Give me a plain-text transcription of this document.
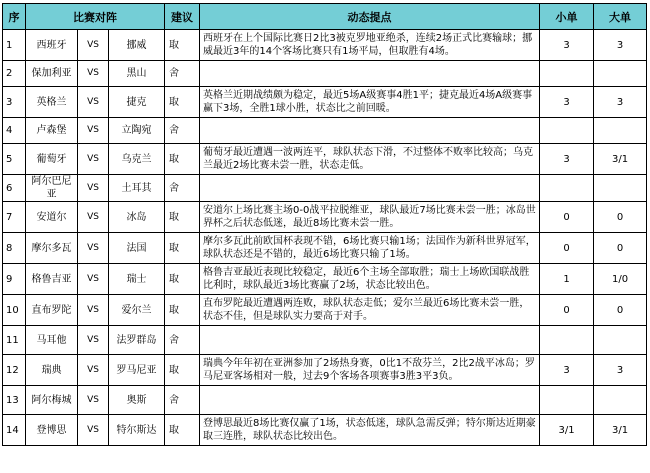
序	比赛对阵			建议	动态提点	小单	大单
1	西班牙	VS	挪威	取	西班牙在上个国际比赛日2比3被克罗地亚绝杀，连续2场正式比赛输球；挪威最近3年的14个客场比赛只有1场平局，但取胜有4场。	3	3
2	保加利亚	VS	黑山	舍			
3	英格兰	VS	捷克	取	英格兰近期战绩颇为稳定，最近5场A级赛事4胜1平；捷克最近4场A级赛事赢下3场，全胜1球小胜，状态比之前回暖。	3	3
4	卢森堡	VS	立陶宛	舍			
5	葡萄牙	VS	乌克兰	取	葡萄牙最近遭遇一波两连平，球队状态下滑，不过整体不败率比较高；乌克兰最近2场比赛未尝一胜，状态走低。	3	3/1
6	阿尔巴尼亚	VS	土耳其	舍			
7	安道尔	VS	冰岛	取	安道尔上场比赛主场0-0战平拉脱维亚，球队最近7场比赛未尝一胜；冰岛世界杯之后状态低迷，最近8场比赛未尝一胜。	0	0
8	摩尔多瓦	VS	法国	取	摩尔多瓦此前欧国杯表现不错，6场比赛只输1场；法国作为新科世界冠军，球队状态还是不错的，最近6场比赛只输了1场。	0	0
9	格鲁吉亚	VS	瑞士	取	格鲁吉亚最近表现比较稳定，最近6个主场全部取胜；瑞士上场欧国联战胜比利时，球队最近3场比赛赢了2场，状态比较出色。	1	1/0
10	直布罗陀	VS	爱尔兰	取	直布罗陀最近遭遇两连败，球队状态走低；爱尔兰最近6场比赛未尝一胜，状态不佳，但是球队实力要高于对手。	0	0
11	马耳他	VS	法罗群岛	舍			
12	瑞典	VS	罗马尼亚	取	瑞典今年年初在亚洲参加了2场热身赛，0比1不敌芬兰，2比2战平冰岛；罗马尼亚客场相对一般，过去9个客场各项赛事3胜3平3负。	3	3
13	阿尔梅城	VS	奥斯	舍			
14	登博思	VS	特尔斯达	取	登博思最近8场比赛仅赢了1场，状态低迷，球队急需反弹；特尔斯达近期豪取三连胜，球队状态比较出色。	3/1	3/1
